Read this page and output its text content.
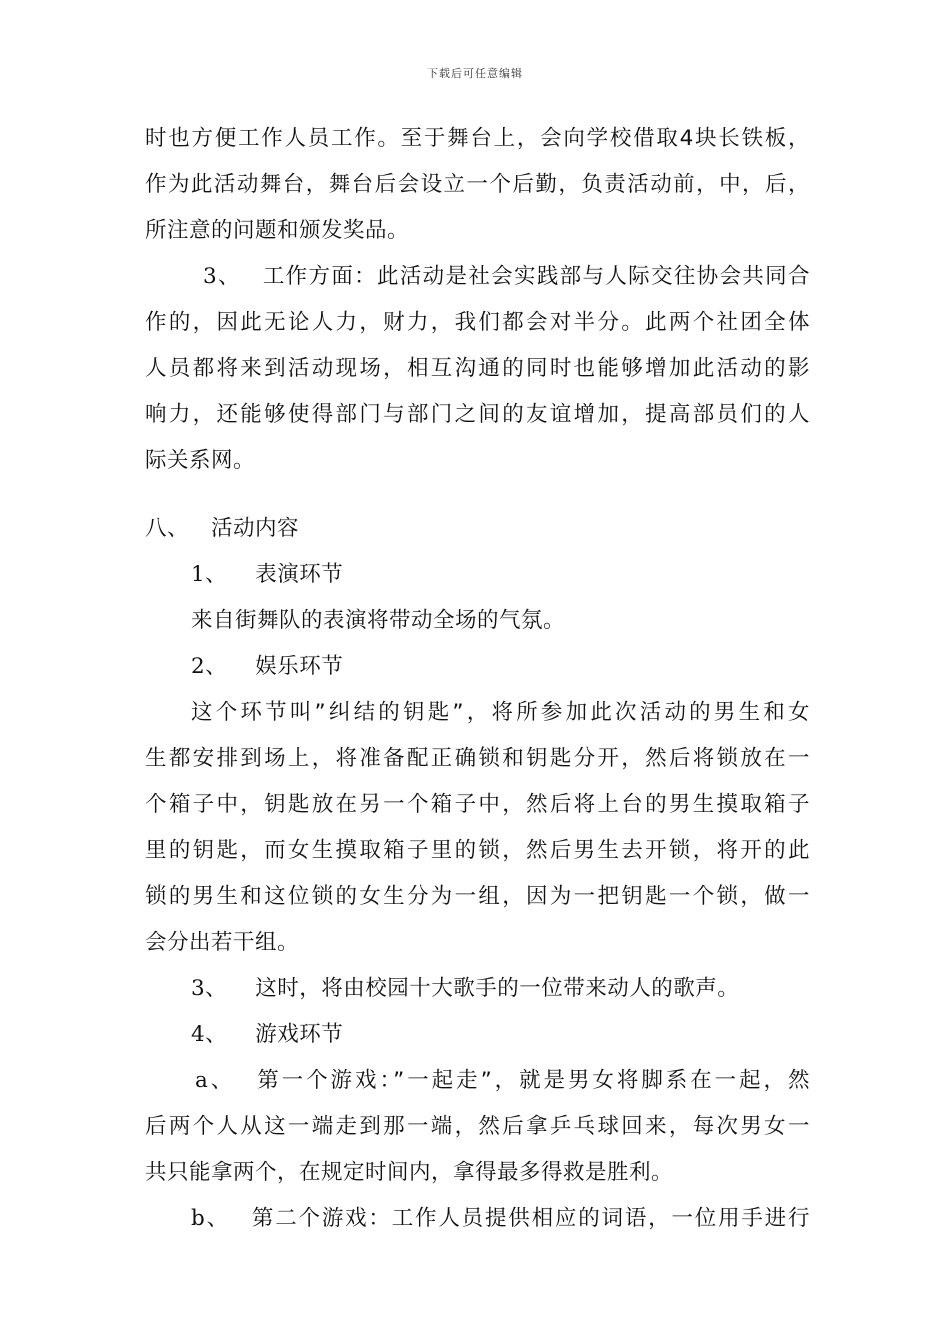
下载后可任意编辑
时也方便工作人员工作。至于舞台上，会向学校借取4块长铁板，
作为此活动舞台，舞台后会设立一个后勤，负责活动前，中，后，
所注意的问题和颁发奖品。
3、 工作方面：此活动是社会实践部与人际交往协会共同合
作的，因此无论人力，财力，我们都会对半分。此两个社团全体
人员都将来到活动现场，相互沟通的同时也能够增加此活动的影
响力，还能够使得部门与部门之间的友谊增加，提高部员们的人
际关系网。
八、 活动内容
1、 表演环节
来自街舞队的表演将带动全场的气氛。
2、 娱乐环节
这个环节叫”纠结的钥匙”，将所参加此次活动的男生和女
生都安排到场上，将准备配正确锁和钥匙分开，然后将锁放在一
个箱子中，钥匙放在另一个箱子中，然后将上台的男生摸取箱子
里的钥匙，而女生摸取箱子里的锁，然后男生去开锁，将开的此
锁的男生和这位锁的女生分为一组，因为一把钥匙一个锁，做一
会分出若干组。
3、 这时，将由校园十大歌手的一位带来动人的歌声。
4、 游戏环节
a、 第一个游戏：”一起走”，就是男女将脚系在一起，然
后两个人从这一端走到那一端，然后拿乒乓球回来，每次男女一
共只能拿两个，在规定时间内，拿得最多得救是胜利。
b、 第二个游戏：工作人员提供相应的词语，一位用手进行
